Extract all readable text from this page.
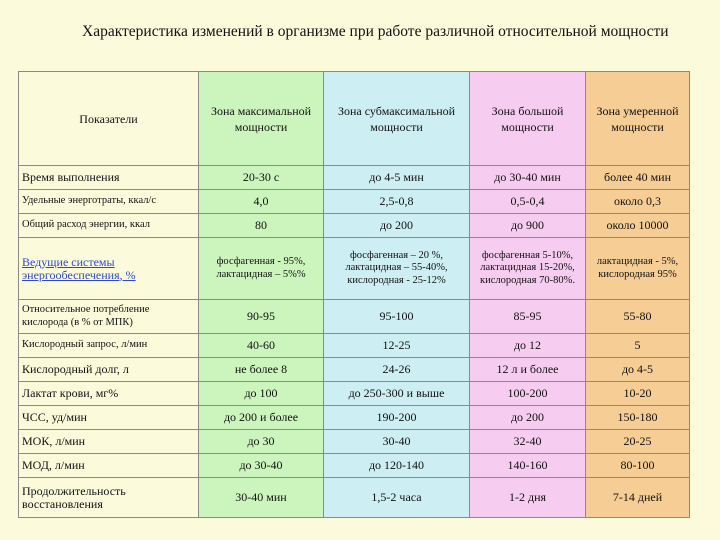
Характеристика изменений в организме при работе различной относительной мощности
Показатели	Зона максимальной мощности	Зона субмаксимальной мощности	Зона большой мощности	Зона умеренной мощности
Время выполнения	20-30 с	до 4-5 мин	до 30-40 мин	более 40 мин
Удельные энерготраты, ккал/с	4,0	2,5-0,8	0,5-0,4	около 0,3
Общий расход энергии, ккал	80	до 200	до 900	около 10000
Ведущие системы энергообеспечения, %	фосфагенная - 95%, лактацидная – 5%%	фосфагенная – 20 %, лактацидная – 55-40%, кислородная - 25-12%	фосфагенная 5-10%, лактацидная 15-20%, кислородная 70-80%.	лактацидная - 5%, кислородная 95%
Относительное потребление кислорода (в % от МПК)	90-95	95-100	85-95	55-80
Кислородный запрос, л/мин	40-60	12-25	до 12	5
Кислородный долг, л	не более 8	24-26	12 л и более	до 4-5
Лактат крови, мг%	до 100	до 250-300 и выше	100-200	10-20
ЧСС, уд/мин	до 200 и более	190-200	до 200	150-180
МОК, л/мин	до 30	30-40	32-40	20-25
МОД, л/мин	до 30-40	до 120-140	140-160	80-100
Продолжительность восстановления	30-40 мин	1,5-2 часа	1-2 дня	7-14 дней
